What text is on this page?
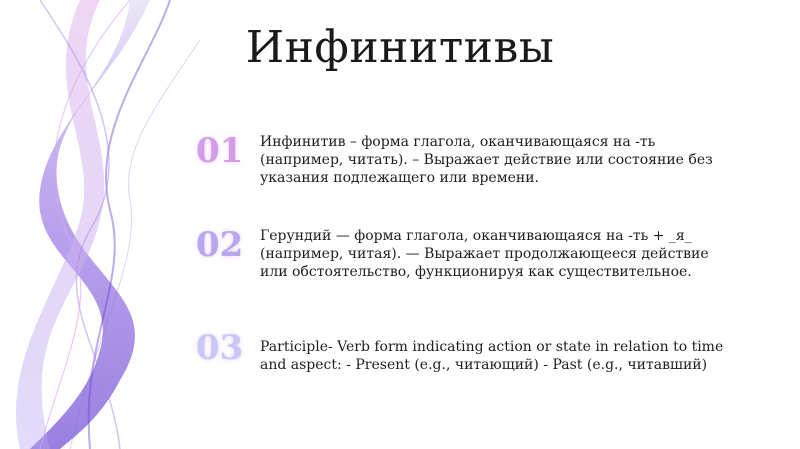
Инфинитивы
01	Инфинитив – форма глагола, оканчивающаяся на -ть (например, читать). – Выражает действие или состояние без указания подлежащего или времени.
02	Герундий — форма глагола, оканчивающаяся на -ть + _я_ (например, читая). — Выражает продолжающееся действие или обстоятельство, функционируя как существительное.
03	Participle- Verb form indicating action or state in relation to time and aspect: - Present (e.g., читающий) - Past (e.g., читавший)
